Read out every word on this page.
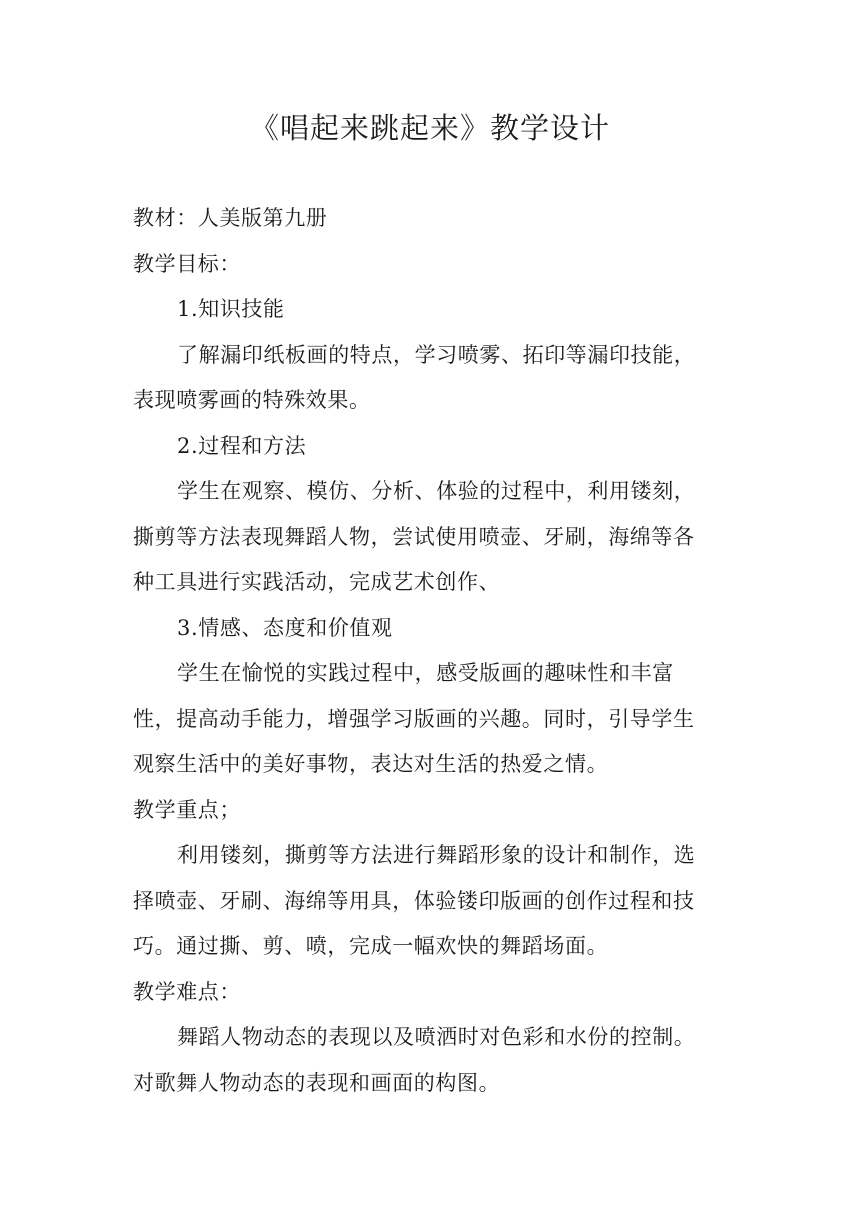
《唱起来跳起来》教学设计

教材：人美版第九册

教学目标：

1.知识技能

了解漏印纸板画的特点，学习喷雾、拓印等漏印技能，

表现喷雾画的特殊效果。

2.过程和方法

学生在观察、模仿、分析、体验的过程中，利用镂刻，

撕剪等方法表现舞蹈人物，尝试使用喷壶、牙刷，海绵等各

种工具进行实践活动，完成艺术创作、

3.情感、态度和价值观

学生在愉悦的实践过程中，感受版画的趣味性和丰富

性，提高动手能力，增强学习版画的兴趣。同时，引导学生

观察生活中的美好事物，表达对生活的热爱之情。

教学重点；

利用镂刻，撕剪等方法进行舞蹈形象的设计和制作，选

择喷壶、牙刷、海绵等用具，体验镂印版画的创作过程和技

巧。通过撕、剪、喷，完成一幅欢快的舞蹈场面。

教学难点：

舞蹈人物动态的表现以及喷洒时对色彩和水份的控制。

对歌舞人物动态的表现和画面的构图。
